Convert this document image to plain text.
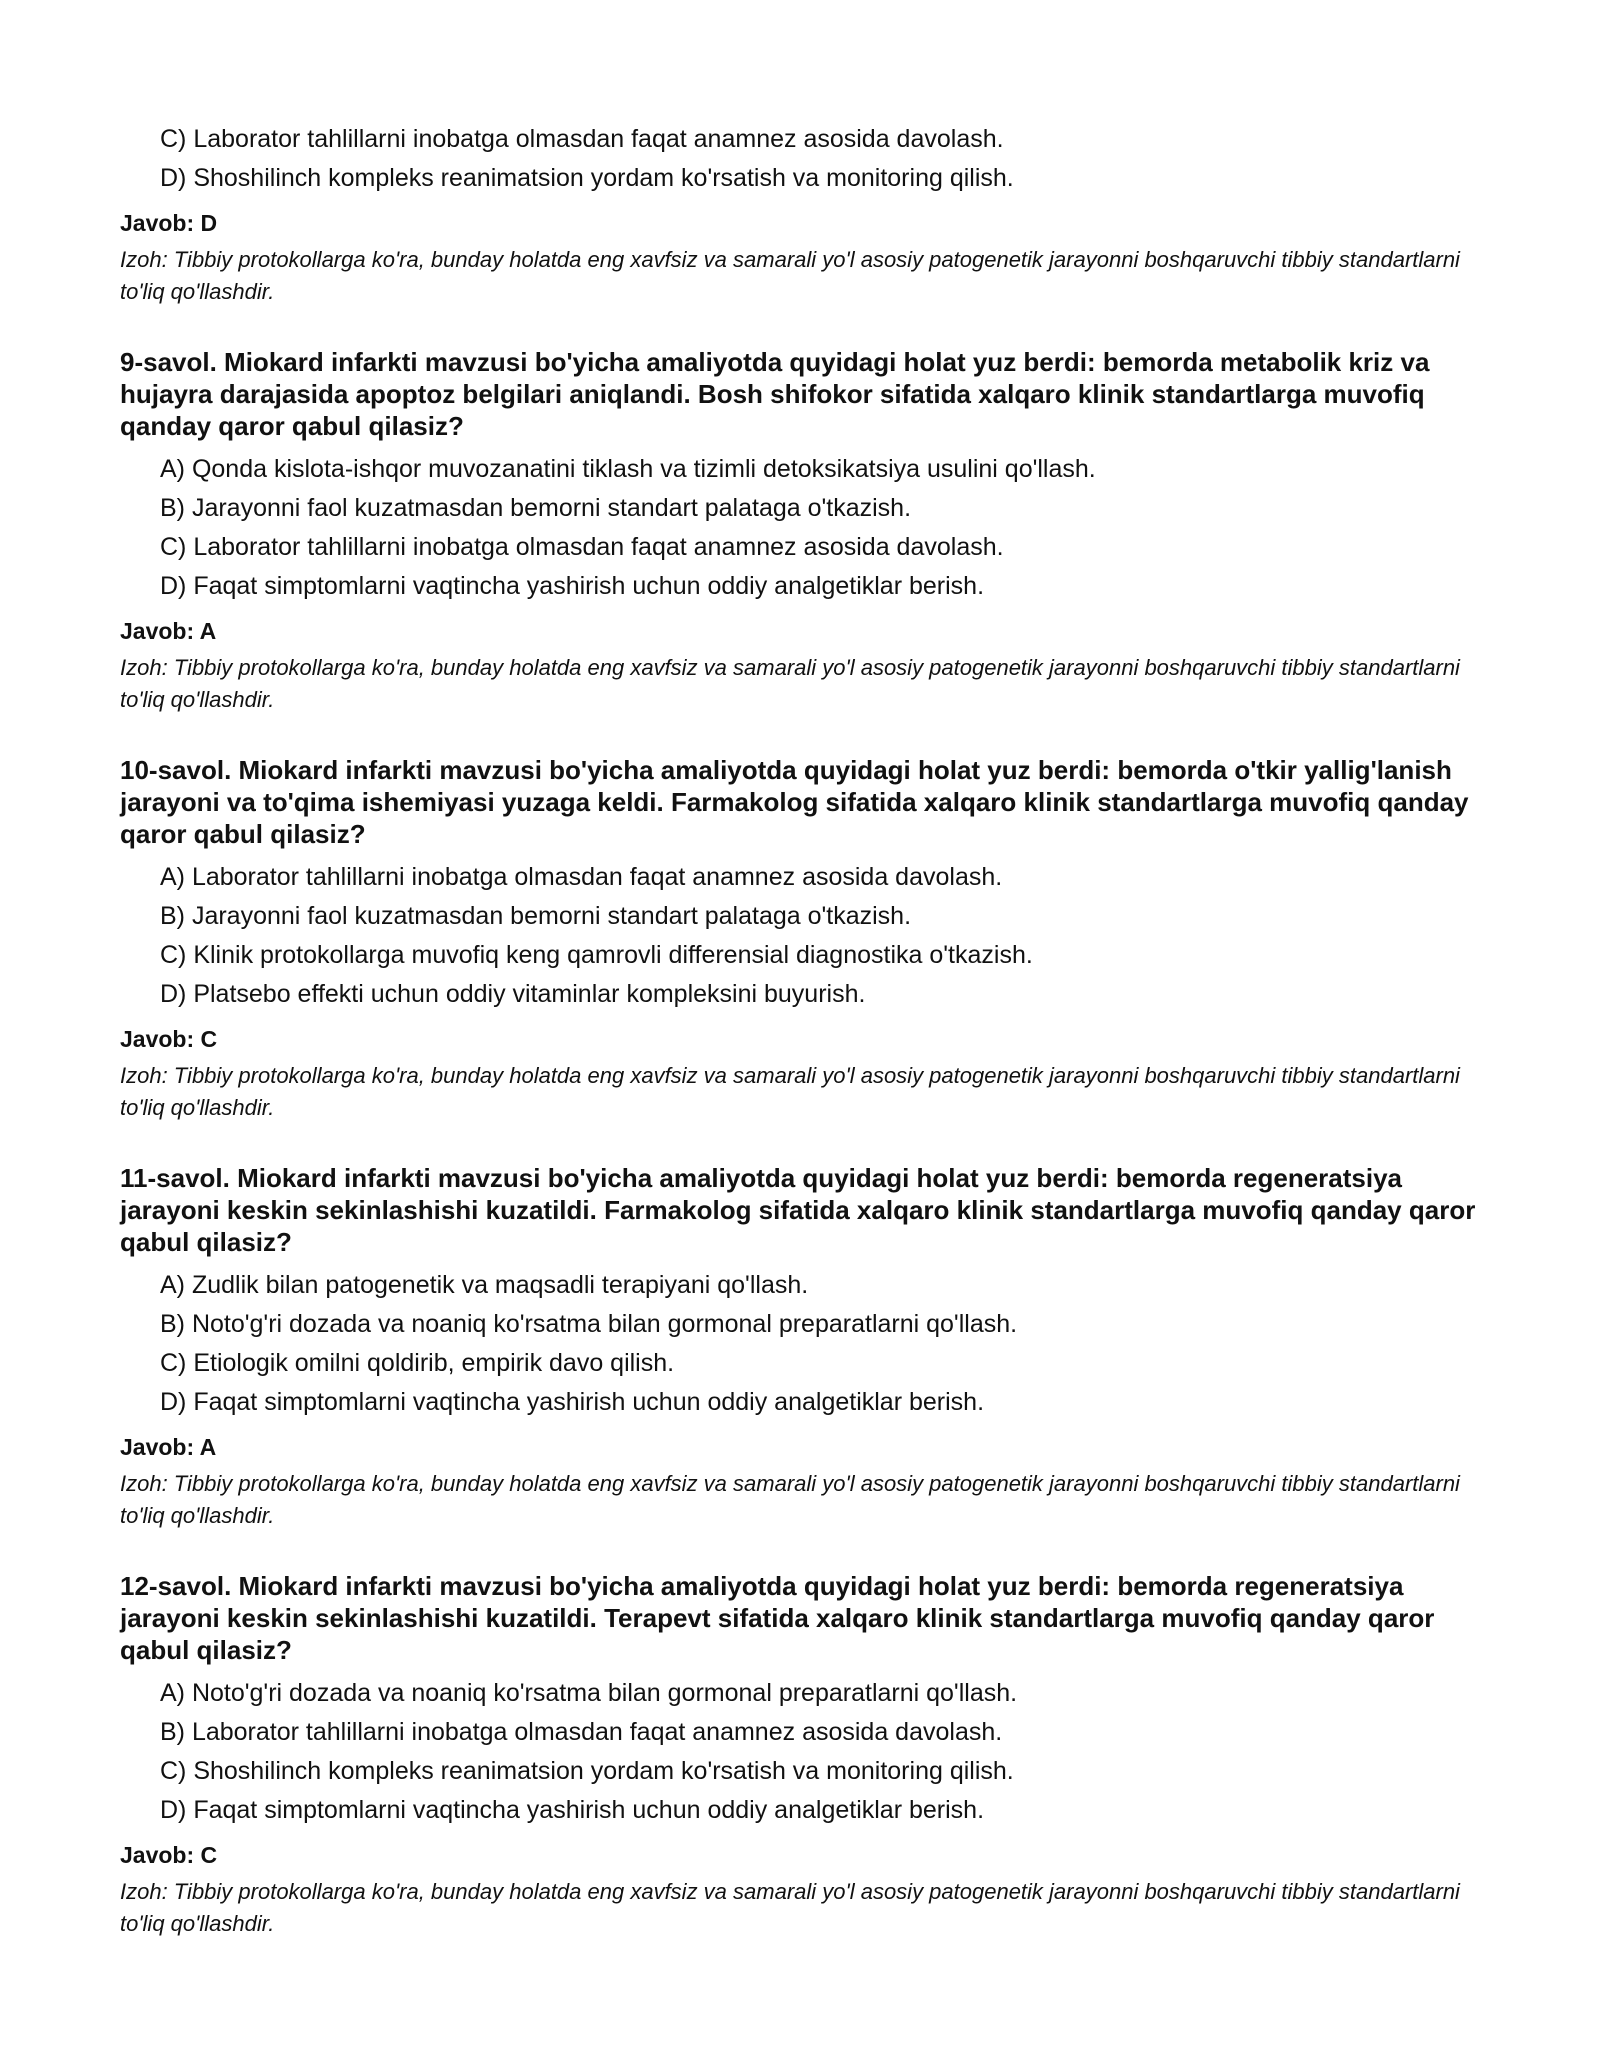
C) Laborator tahlillarni inobatga olmasdan faqat anamnez asosida davolash.
D) Shoshilinch kompleks reanimatsion yordam ko'rsatish va monitoring qilish.

Javob: D

Izoh: Tibbiy protokollarga ko'ra, bunday holatda eng xavfsiz va samarali yo'l asosiy patogenetik jarayonni boshqaruvchi tibbiy standartlarni to'liq qo'llashdir.

9-savol. Miokard infarkti mavzusi bo'yicha amaliyotda quyidagi holat yuz berdi: bemorda metabolik kriz va hujayra darajasida apoptoz belgilari aniqlandi. Bosh shifokor sifatida xalqaro klinik standartlarga muvofiq qanday qaror qabul qilasiz?

A) Qonda kislota-ishqor muvozanatini tiklash va tizimli detoksikatsiya usulini qo'llash.
B) Jarayonni faol kuzatmasdan bemorni standart palataga o'tkazish.
C) Laborator tahlillarni inobatga olmasdan faqat anamnez asosida davolash.
D) Faqat simptomlarni vaqtincha yashirish uchun oddiy analgetiklar berish.

Javob: A

Izoh: Tibbiy protokollarga ko'ra, bunday holatda eng xavfsiz va samarali yo'l asosiy patogenetik jarayonni boshqaruvchi tibbiy standartlarni to'liq qo'llashdir.

10-savol. Miokard infarkti mavzusi bo'yicha amaliyotda quyidagi holat yuz berdi: bemorda o'tkir yallig'lanish jarayoni va to'qima ishemiyasi yuzaga keldi. Farmakolog sifatida xalqaro klinik standartlarga muvofiq qanday qaror qabul qilasiz?

A) Laborator tahlillarni inobatga olmasdan faqat anamnez asosida davolash.
B) Jarayonni faol kuzatmasdan bemorni standart palataga o'tkazish.
C) Klinik protokollarga muvofiq keng qamrovli differensial diagnostika o'tkazish.
D) Platsebo effekti uchun oddiy vitaminlar kompleksini buyurish.

Javob: C

Izoh: Tibbiy protokollarga ko'ra, bunday holatda eng xavfsiz va samarali yo'l asosiy patogenetik jarayonni boshqaruvchi tibbiy standartlarni to'liq qo'llashdir.

11-savol. Miokard infarkti mavzusi bo'yicha amaliyotda quyidagi holat yuz berdi: bemorda regeneratsiya jarayoni keskin sekinlashishi kuzatildi. Farmakolog sifatida xalqaro klinik standartlarga muvofiq qanday qaror qabul qilasiz?

A) Zudlik bilan patogenetik va maqsadli terapiyani qo'llash.
B) Noto'g'ri dozada va noaniq ko'rsatma bilan gormonal preparatlarni qo'llash.
C) Etiologik omilni qoldirib, empirik davo qilish.
D) Faqat simptomlarni vaqtincha yashirish uchun oddiy analgetiklar berish.

Javob: A

Izoh: Tibbiy protokollarga ko'ra, bunday holatda eng xavfsiz va samarali yo'l asosiy patogenetik jarayonni boshqaruvchi tibbiy standartlarni to'liq qo'llashdir.

12-savol. Miokard infarkti mavzusi bo'yicha amaliyotda quyidagi holat yuz berdi: bemorda regeneratsiya jarayoni keskin sekinlashishi kuzatildi. Terapevt sifatida xalqaro klinik standartlarga muvofiq qanday qaror qabul qilasiz?

A) Noto'g'ri dozada va noaniq ko'rsatma bilan gormonal preparatlarni qo'llash.
B) Laborator tahlillarni inobatga olmasdan faqat anamnez asosida davolash.
C) Shoshilinch kompleks reanimatsion yordam ko'rsatish va monitoring qilish.
D) Faqat simptomlarni vaqtincha yashirish uchun oddiy analgetiklar berish.

Javob: C

Izoh: Tibbiy protokollarga ko'ra, bunday holatda eng xavfsiz va samarali yo'l asosiy patogenetik jarayonni boshqaruvchi tibbiy standartlarni to'liq qo'llashdir.
